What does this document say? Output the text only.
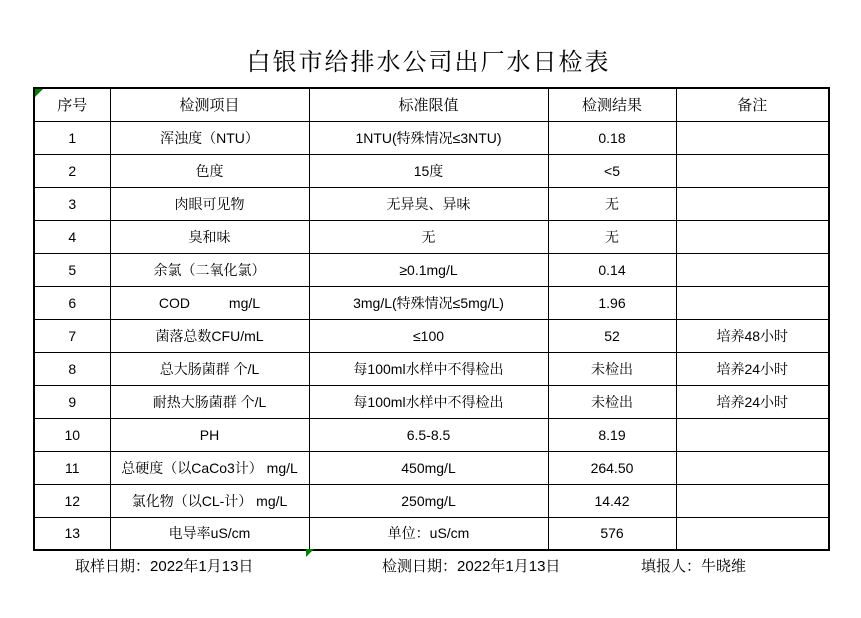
白银市给排水公司出厂水日检表
序号	检测项目	标准限值	检测结果	备注
1	浑浊度（NTU）	1NTU(特殊情况≤3NTU)	0.18	
2	色度	15度	<5	
3	肉眼可见物	无异臭、异味	无	
4	臭和味	无	无	
5	余氯（二氧化氯）	≥0.1mg/L	0.14	
6	COD          mg/L	3mg/L(特殊情况≤5mg/L)	1.96	
7	菌落总数CFU/mL	≤100	52	培养48小时
8	总大肠菌群 个/L	每100ml水样中不得检出	未检出	培养24小时
9	耐热大肠菌群 个/L	每100ml水样中不得检出	未检出	培养24小时
10	PH	6.5-8.5	8.19	
11	总硬度（以CaCo3计） mg/L	450mg/L	264.50	
12	氯化物（以CL-计） mg/L	250mg/L	14.42	
13	电导率uS/cm	单位：uS/cm	576	
取样日期：2022年1月13日	检测日期：2022年1月13日	填报人：牛晓维
